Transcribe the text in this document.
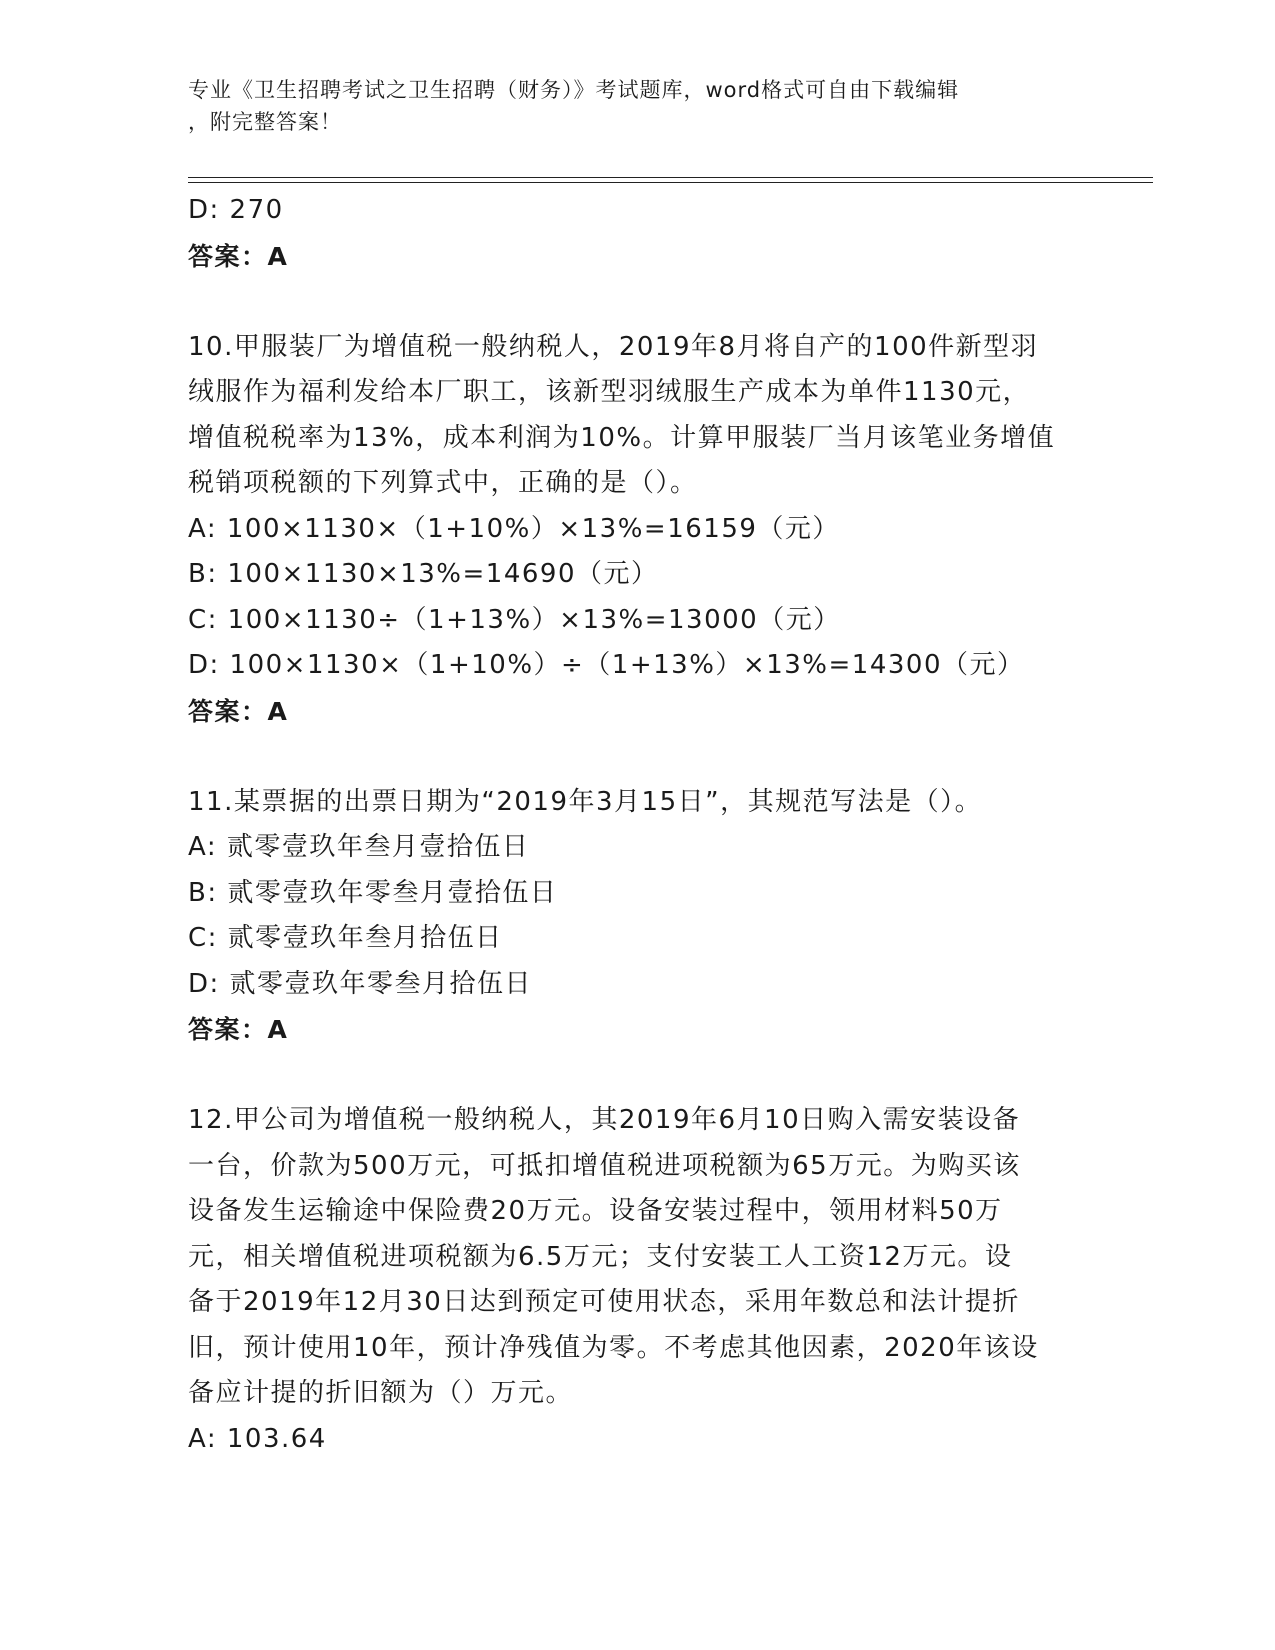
专业《卫生招聘考试之卫生招聘（财务）》考试题库，word格式可自由下载编辑
，附完整答案！
D: 270
答案：A
10.甲服装厂为增值税一般纳税人，2019年8月将自产的100件新型羽
绒服作为福利发给本厂职工，该新型羽绒服生产成本为单件1130元，
增值税税率为13%，成本利润为10%。计算甲服装厂当月该笔业务增值
税销项税额的下列算式中，正确的是（）。
A: 100×1130×（1+10%）×13%=16159（元）
B: 100×1130×13%=14690（元）
C: 100×1130÷（1+13%）×13%=13000（元）
D: 100×1130×（1+10%）÷（1+13%）×13%=14300（元）
答案：A
11.某票据的出票日期为“2019年3月15日”，其规范写法是（）。
A: 贰零壹玖年叁月壹拾伍日
B: 贰零壹玖年零叁月壹拾伍日
C: 贰零壹玖年叁月拾伍日
D: 贰零壹玖年零叁月拾伍日
答案：A
12.甲公司为增值税一般纳税人，其2019年6月10日购入需安装设备
一台，价款为500万元，可抵扣增值税进项税额为65万元。为购买该
设备发生运输途中保险费20万元。设备安装过程中，领用材料50万
元，相关增值税进项税额为6.5万元；支付安装工人工资12万元。设
备于2019年12月30日达到预定可使用状态，采用年数总和法计提折
旧，预计使用10年，预计净残值为零。不考虑其他因素，2020年该设
备应计提的折旧额为（）万元。
A: 103.64
